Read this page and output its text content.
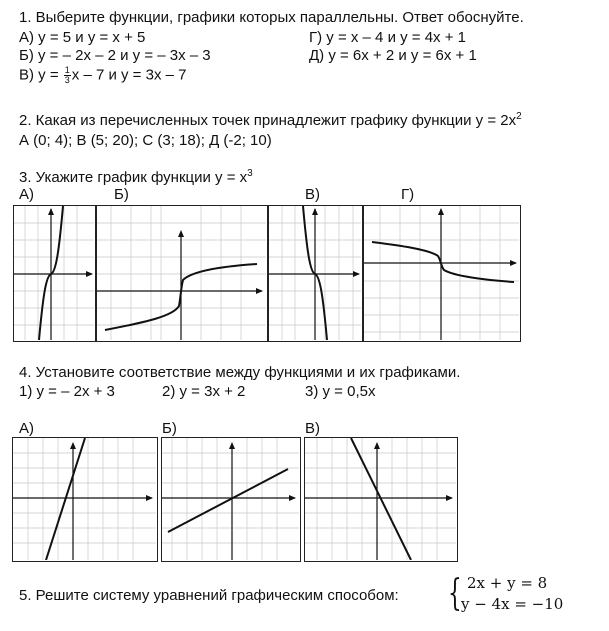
1. Выберите функции, графики которых параллельны. Ответ обоснуйте.
А) y = 5 и y = x + 5
Б) y = – 2x – 2 и y = – 3x – 3
В) $y = \frac{1}{3}$ x – 7 и y = 3x – 7
Г) y = x – 4 и y = 4x + 1
Д) y = 6x + 2 и y = 6x + 1
2. Какая из перечисленных точек принадлежит графику функции $y = 2x^2$
А (0; 4); В (5; 20); С (3; 18); Д (-2; 10)
3. Укажите график функции $y = x^3$
А)	Б)	В)	Г)
4. Установите соответствие между функциями и их графиками.
1) y = – 2x + 3	2) y = 3x + 2	3) y = 0,5x
А)	Б)	В)
5. Решите систему уравнений графическим способом: { 2x + y = 8
y − 4x = −10
